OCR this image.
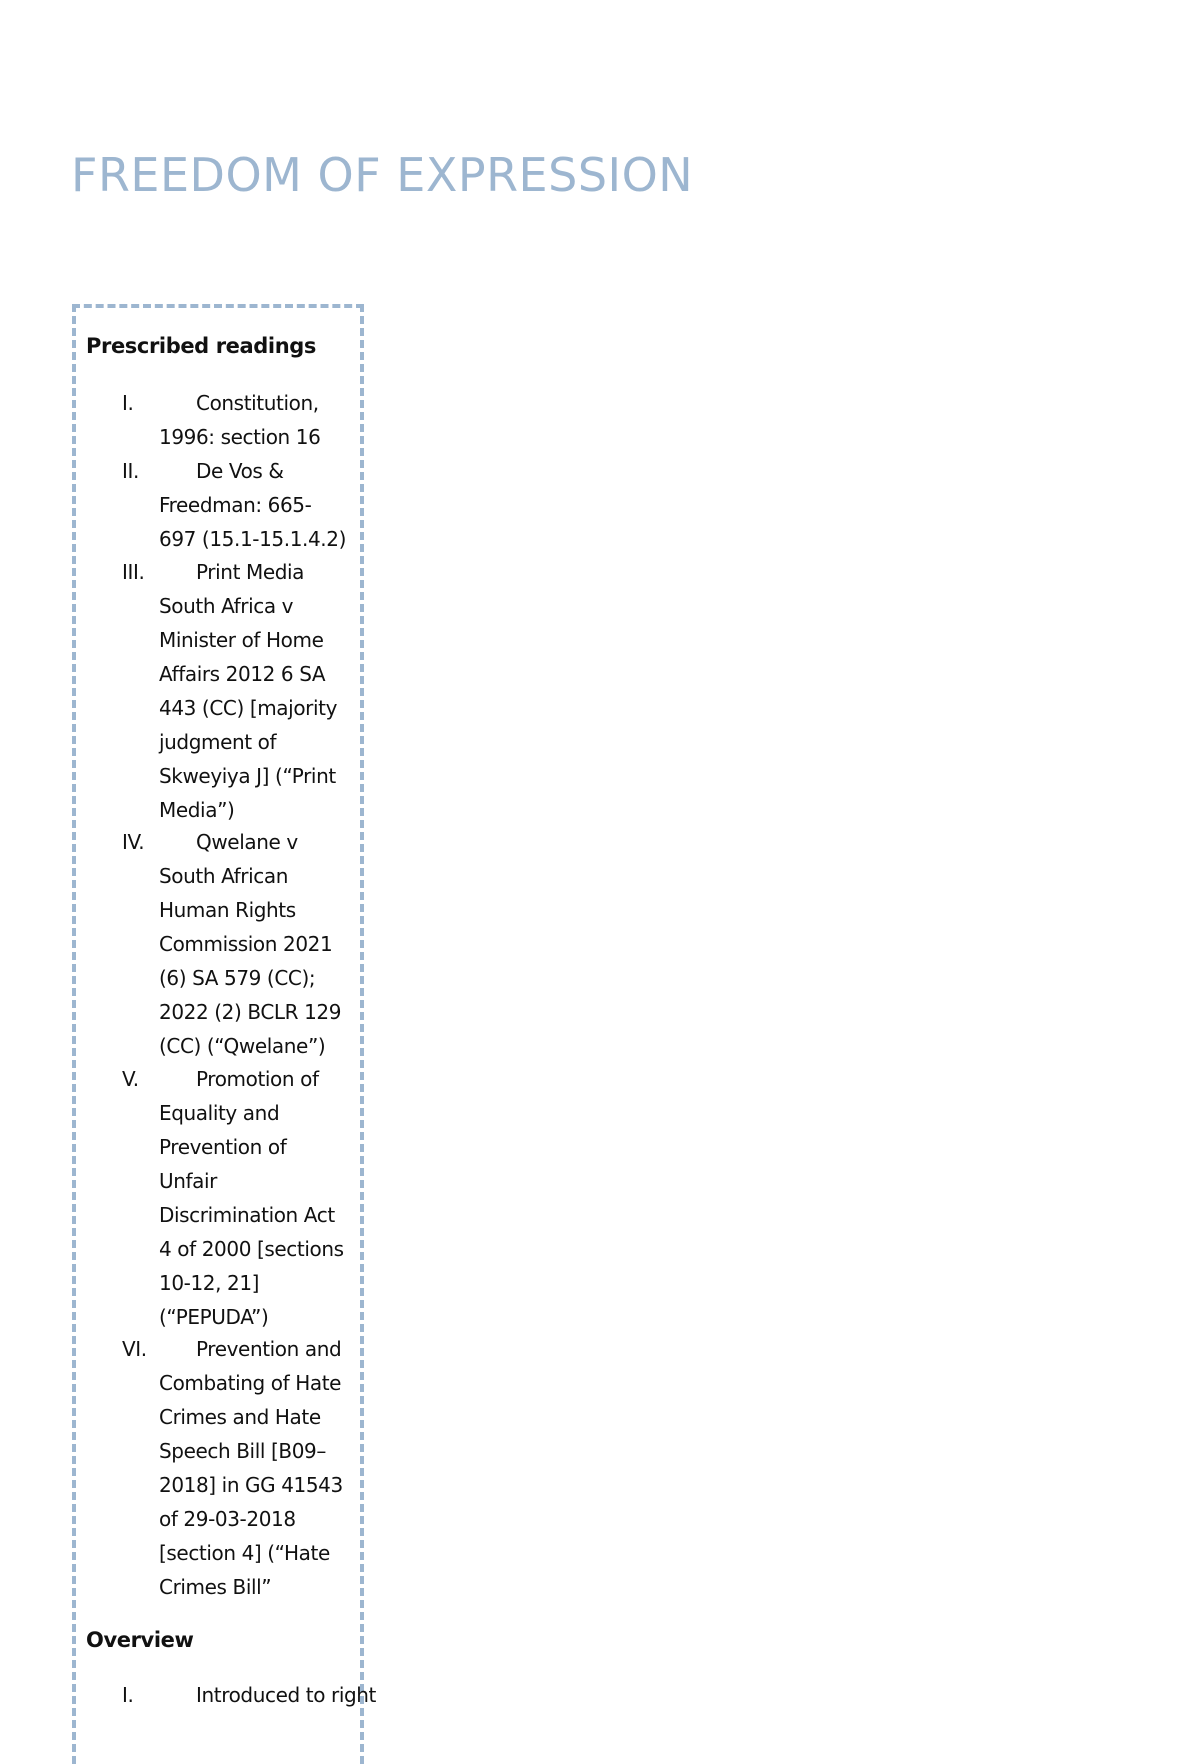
FREEDOM OF EXPRESSION
Prescribed readings
I.	Constitution,
1996: section 16
II.	De Vos &
Freedman: 665-
697 (15.1-15.1.4.2)
III.	Print Media
South Africa v
Minister of Home
Affairs 2012 6 SA
443 (CC) [majority
judgment of
Skweyiya J] (“Print
Media”)
IV.	Qwelane v
South African
Human Rights
Commission 2021
(6) SA 579 (CC);
2022 (2) BCLR 129
(CC) (“Qwelane”)
V.	Promotion of
Equality and
Prevention of
Unfair
Discrimination Act
4 of 2000 [sections
10-12, 21]
(“PEPUDA”)
VI.	Prevention and
Combating of Hate
Crimes and Hate
Speech Bill [B09–
2018] in GG 41543
of 29-03-2018
[section 4] (“Hate
Crimes Bill”
Overview
I.	Introduced to right
